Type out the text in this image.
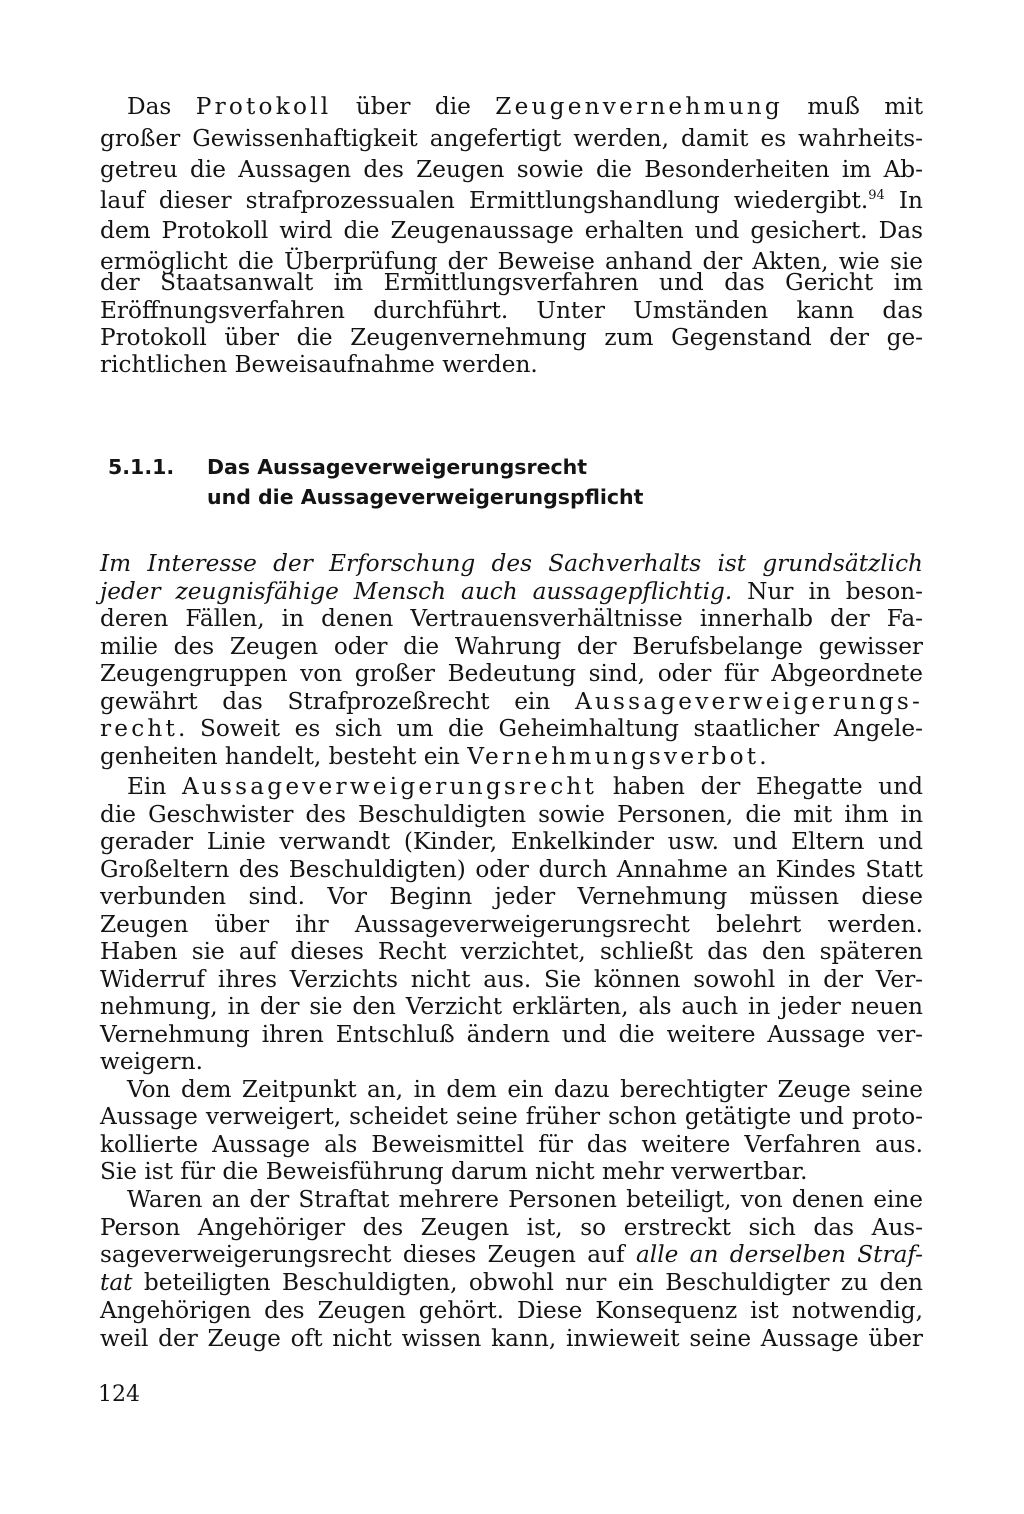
Das Protokoll über die Zeugenvernehmung muß mit
großer Gewissenhaftigkeit angefertigt werden, damit es wahrheits-
getreu die Aussagen des Zeugen sowie die Besonderheiten im Ab-
lauf dieser strafprozessualen Ermittlungshandlung wiedergibt.$^{94}$ In
dem Protokoll wird die Zeugenaussage erhalten und gesichert. Das
ermöglicht die Überprüfung der Beweise anhand der Akten, wie sie
der Staatsanwalt im Ermittlungsverfahren und das Gericht im
Eröffnungsverfahren durchführt. Unter Umständen kann das
Protokoll über die Zeugenvernehmung zum Gegenstand der ge-
richtlichen Beweisaufnahme werden.
5.1.1. Das Aussageverweigerungsrecht
und die Aussageverweigerungspflicht
Im Interesse der Erforschung des Sachverhalts ist grundsätzlich
jeder zeugnisfähige Mensch auch aussagepflichtig. Nur in beson-
deren Fällen, in denen Vertrauensverhältnisse innerhalb der Fa-
milie des Zeugen oder die Wahrung der Berufsbelange gewisser
Zeugengruppen von großer Bedeutung sind, oder für Abgeordnete
gewährt das Strafprozeßrecht ein Aussageverweigerungs-
recht. Soweit es sich um die Geheimhaltung staatlicher Angele-
genheiten handelt, besteht ein Vernehmungsverbot.
Ein Aussageverweigerungsrecht haben der Ehegatte und
die Geschwister des Beschuldigten sowie Personen, die mit ihm in
gerader Linie verwandt (Kinder, Enkelkinder usw. und Eltern und
Großeltern des Beschuldigten) oder durch Annahme an Kindes Statt
verbunden sind. Vor Beginn jeder Vernehmung müssen diese
Zeugen über ihr Aussageverweigerungsrecht belehrt werden.
Haben sie auf dieses Recht verzichtet, schließt das den späteren
Widerruf ihres Verzichts nicht aus. Sie können sowohl in der Ver-
nehmung, in der sie den Verzicht erklärten, als auch in jeder neuen
Vernehmung ihren Entschluß ändern und die weitere Aussage ver-
weigern.
Von dem Zeitpunkt an, in dem ein dazu berechtigter Zeuge seine
Aussage verweigert, scheidet seine früher schon getätigte und proto-
kollierte Aussage als Beweismittel für das weitere Verfahren aus.
Sie ist für die Beweisführung darum nicht mehr verwertbar.
Waren an der Straftat mehrere Personen beteiligt, von denen eine
Person Angehöriger des Zeugen ist, so erstreckt sich das Aus-
sageverweigerungsrecht dieses Zeugen auf alle an derselben Straf-
tat beteiligten Beschuldigten, obwohl nur ein Beschuldigter zu den
Angehörigen des Zeugen gehört. Diese Konsequenz ist notwendig,
weil der Zeuge oft nicht wissen kann, inwieweit seine Aussage über
124
